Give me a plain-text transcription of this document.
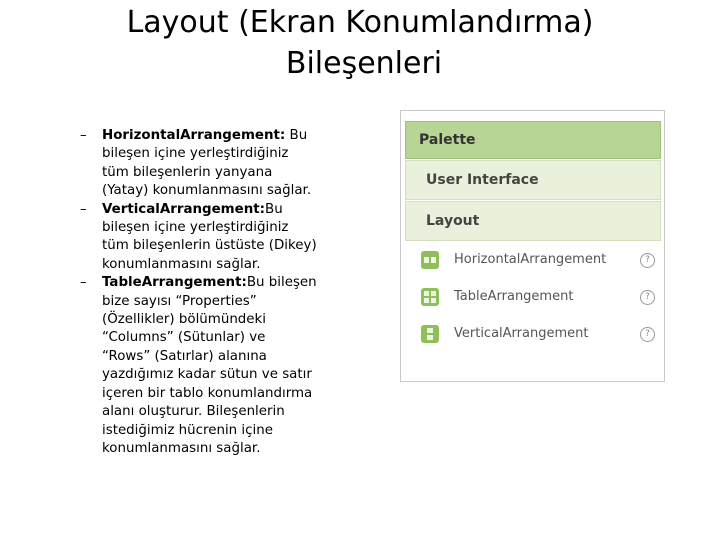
Layout (Ekran Konumlandırma)
Bileşenleri
– HorizontalArrangement: Bu
bileşen içine yerleştirdiğiniz
tüm bileşenlerin yanyana
(Yatay) konumlanmasını sağlar.
– VerticalArrangement:Bu
bileşen içine yerleştirdiğiniz
tüm bileşenlerin üstüste (Dikey)
konumlanmasını sağlar.
– TableArrangement:Bu bileşen
bize sayısı “Properties”
(Özellikler) bölümündeki
“Columns” (Sütunlar) ve
“Rows” (Satırlar) alanına
yazdığımız kadar sütun ve satır
içeren bir tablo konumlandırma
alanı oluşturur. Bileşenlerin
istediğimiz hücrenin içine
konumlanmasını sağlar.
Palette
User Interface
Layout
HorizontalArrangement	?
TableArrangement	?
VerticalArrangement	?
